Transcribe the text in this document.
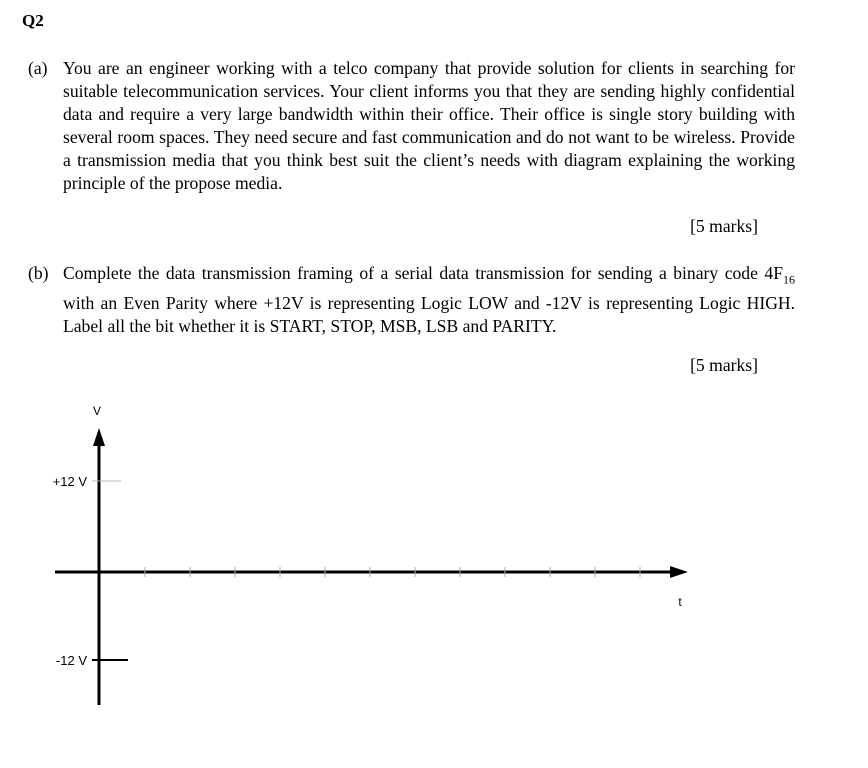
Q2
(a) You are an engineer working with a telco company that provide solution for clients in searching for suitable telecommunication services. Your client informs you that they are sending highly confidential data and require a very large bandwidth within their office. Their office is single story building with several room spaces. They need secure and fast communication and do not want to be wireless. Provide a transmission media that you think best suit the client’s needs with diagram explaining the working principle of the propose media.
[5 marks]
(b) Complete the data transmission framing of a serial data transmission for sending a binary code $4F_{16}$ with an Even Parity where +12V is representing Logic LOW and -12V is representing Logic HIGH. Label all the bit whether it is START, STOP, MSB, LSB and PARITY.
[5 marks]
V
t
+12 V
-12 V
